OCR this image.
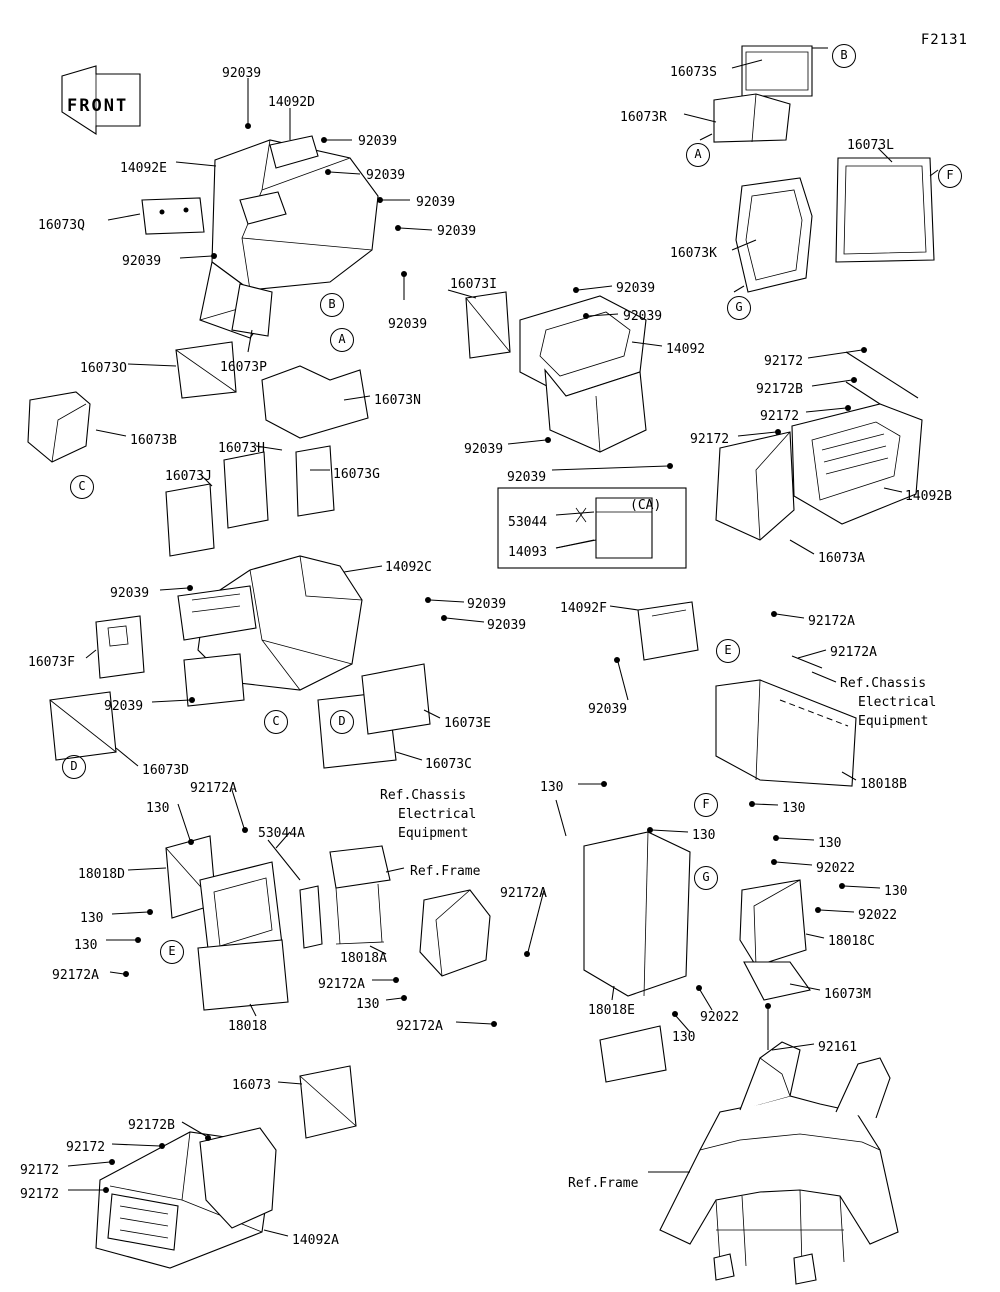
F2131
92039
14092D
92039
14092E	92039
92039
16073Q	92039
92039
92039
16073O	16073P
16073N
16073B
16073H
16073J	16073G
14092C
92039
92039
92039
16073F
92039
16073E
16073D	16073C
16073I	92039
92039
14092
92039
92039
16073S
16073R
16073L
16073K
92172
92172B
92172
92172
14092B
16073A
53044
14093
(CA)
14092F
92039
92172A
92172A
Ref.Chassis
Electrical
Equipment
18018B
130
Ref.Chassis
Electrical
Equipment	130
130
130
92022
130
92022
18018C
16073M
92161
130
92022
18018E
130
92172A
53044A
Ref.Frame
18018D
130
130
92172A
18018
18018A
92172A
130
92172A
92172A
16073
92172B
92172
92172
92172
14092A
Ref.Frame
B
A
F
G
B
A
C
C	D
D
E
F
G
E
FRONT
